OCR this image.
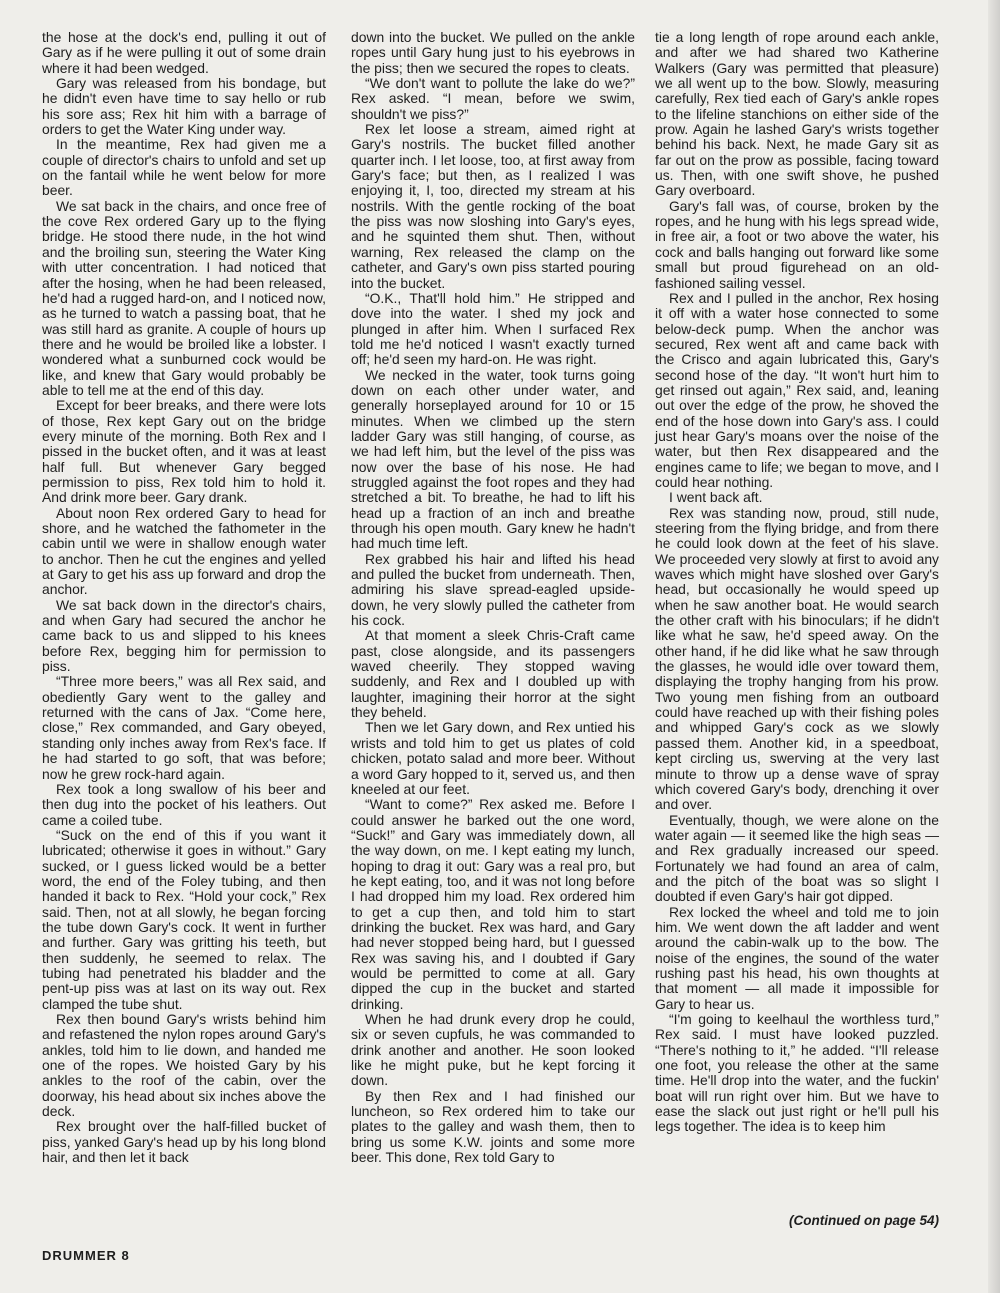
the hose at the dock's end, pulling it out of Gary as if he were pulling it out of some drain where it had been wedged.

Gary was released from his bondage, but he didn't even have time to say hello or rub his sore ass; Rex hit him with a barrage of orders to get the Water King under way.

In the meantime, Rex had given me a couple of director's chairs to unfold and set up on the fantail while he went below for more beer.

We sat back in the chairs, and once free of the cove Rex ordered Gary up to the flying bridge. He stood there nude, in the hot wind and the broiling sun, steering the Water King with utter concentration. I had noticed that after the hosing, when he had been released, he'd had a rugged hard-on, and I noticed now, as he turned to watch a passing boat, that he was still hard as granite. A couple of hours up there and he would be broiled like a lobster. I wondered what a sunburned cock would be like, and knew that Gary would probably be able to tell me at the end of this day.

Except for beer breaks, and there were lots of those, Rex kept Gary out on the bridge every minute of the morning. Both Rex and I pissed in the bucket often, and it was at least half full. But whenever Gary begged permission to piss, Rex told him to hold it. And drink more beer. Gary drank.

About noon Rex ordered Gary to head for shore, and he watched the fathometer in the cabin until we were in shallow enough water to anchor. Then he cut the engines and yelled at Gary to get his ass up forward and drop the anchor.

We sat back down in the director's chairs, and when Gary had secured the anchor he came back to us and slipped to his knees before Rex, begging him for permission to piss.

“Three more beers,” was all Rex said, and obediently Gary went to the galley and returned with the cans of Jax. “Come here, close,” Rex commanded, and Gary obeyed, standing only inches away from Rex's face. If he had started to go soft, that was before; now he grew rock-hard again.

Rex took a long swallow of his beer and then dug into the pocket of his leathers. Out came a coiled tube.

“Suck on the end of this if you want it lubricated; otherwise it goes in without.” Gary sucked, or I guess licked would be a better word, the end of the Foley tubing, and then handed it back to Rex. “Hold your cock,” Rex said. Then, not at all slowly, he began forcing the tube down Gary's cock. It went in further and further. Gary was gritting his teeth, but then suddenly, he seemed to relax. The tubing had penetrated his bladder and the pent-up piss was at last on its way out. Rex clamped the tube shut.

Rex then bound Gary's wrists behind him and refastened the nylon ropes around Gary's ankles, told him to lie down, and handed me one of the ropes. We hoisted Gary by his ankles to the roof of the cabin, over the doorway, his head about six inches above the deck.

Rex brought over the half-filled bucket of piss, yanked Gary's head up by his long blond hair, and then let it back

down into the bucket. We pulled on the ankle ropes until Gary hung just to his eyebrows in the piss; then we secured the ropes to cleats.

“We don't want to pollute the lake do we?” Rex asked. “I mean, before we swim, shouldn't we piss?”

Rex let loose a stream, aimed right at Gary's nostrils. The bucket filled another quarter inch. I let loose, too, at first away from Gary's face; but then, as I realized I was enjoying it, I, too, directed my stream at his nostrils. With the gentle rocking of the boat the piss was now sloshing into Gary's eyes, and he squinted them shut. Then, without warning, Rex released the clamp on the catheter, and Gary's own piss started pouring into the bucket.

“O.K., That'll hold him.” He stripped and dove into the water. I shed my jock and plunged in after him. When I surfaced Rex told me he'd noticed I wasn't exactly turned off; he'd seen my hard-on. He was right.

We necked in the water, took turns going down on each other under water, and generally horseplayed around for 10 or 15 minutes. When we climbed up the stern ladder Gary was still hanging, of course, as we had left him, but the level of the piss was now over the base of his nose. He had struggled against the foot ropes and they had stretched a bit. To breathe, he had to lift his head up a fraction of an inch and breathe through his open mouth. Gary knew he hadn't had much time left.

Rex grabbed his hair and lifted his head and pulled the bucket from underneath. Then, admiring his slave spread-eagled upside-down, he very slowly pulled the catheter from his cock.

At that moment a sleek Chris-Craft came past, close alongside, and its passengers waved cheerily. They stopped waving suddenly, and Rex and I doubled up with laughter, imagining their horror at the sight they beheld.

Then we let Gary down, and Rex untied his wrists and told him to get us plates of cold chicken, potato salad and more beer. Without a word Gary hopped to it, served us, and then kneeled at our feet.

“Want to come?” Rex asked me. Before I could answer he barked out the one word, “Suck!” and Gary was immediately down, all the way down, on me. I kept eating my lunch, hoping to drag it out: Gary was a real pro, but he kept eating, too, and it was not long before I had dropped him my load. Rex ordered him to get a cup then, and told him to start drinking the bucket. Rex was hard, and Gary had never stopped being hard, but I guessed Rex was saving his, and I doubted if Gary would be permitted to come at all. Gary dipped the cup in the bucket and started drinking.

When he had drunk every drop he could, six or seven cupfuls, he was commanded to drink another and another. He soon looked like he might puke, but he kept forcing it down.

By then Rex and I had finished our luncheon, so Rex ordered him to take our plates to the galley and wash them, then to bring us some K.W. joints and some more beer. This done, Rex told Gary to

tie a long length of rope around each ankle, and after we had shared two Katherine Walkers (Gary was permitted that pleasure) we all went up to the bow. Slowly, measuring carefully, Rex tied each of Gary's ankle ropes to the lifeline stanchions on either side of the prow. Again he lashed Gary's wrists together behind his back. Next, he made Gary sit as far out on the prow as possible, facing toward us. Then, with one swift shove, he pushed Gary overboard.

Gary's fall was, of course, broken by the ropes, and he hung with his legs spread wide, in free air, a foot or two above the water, his cock and balls hanging out forward like some small but proud figurehead on an old-fashioned sailing vessel.

Rex and I pulled in the anchor, Rex hosing it off with a water hose connected to some below-deck pump. When the anchor was secured, Rex went aft and came back with the Crisco and again lubricated this, Gary's second hose of the day. “It won't hurt him to get rinsed out again,” Rex said, and, leaning out over the edge of the prow, he shoved the end of the hose down into Gary's ass. I could just hear Gary's moans over the noise of the water, but then Rex disappeared and the engines came to life; we began to move, and I could hear nothing.

I went back aft.

Rex was standing now, proud, still nude, steering from the flying bridge, and from there he could look down at the feet of his slave. We proceeded very slowly at first to avoid any waves which might have sloshed over Gary's head, but occasionally he would speed up when he saw another boat. He would search the other craft with his binoculars; if he didn't like what he saw, he'd speed away. On the other hand, if he did like what he saw through the glasses, he would idle over toward them, displaying the trophy hanging from his prow. Two young men fishing from an outboard could have reached up with their fishing poles and whipped Gary's cock as we slowly passed them. Another kid, in a speedboat, kept circling us, swerving at the very last minute to throw up a dense wave of spray which covered Gary's body, drenching it over and over.

Eventually, though, we were alone on the water again — it seemed like the high seas — and Rex gradually increased our speed. Fortunately we had found an area of calm, and the pitch of the boat was so slight I doubted if even Gary's hair got dipped.

Rex locked the wheel and told me to join him. We went down the aft ladder and went around the cabin-walk up to the bow. The noise of the engines, the sound of the water rushing past his head, his own thoughts at that moment — all made it impossible for Gary to hear us.

“I'm going to keelhaul the worthless turd,” Rex said. I must have looked puzzled. “There's nothing to it,” he added. “I'll release one foot, you release the other at the same time. He'll drop into the water, and the fuckin' boat will run right over him. But we have to ease the slack out just right or he'll pull his legs together. The idea is to keep him

(Continued on page 54)
DRUMMER 8
